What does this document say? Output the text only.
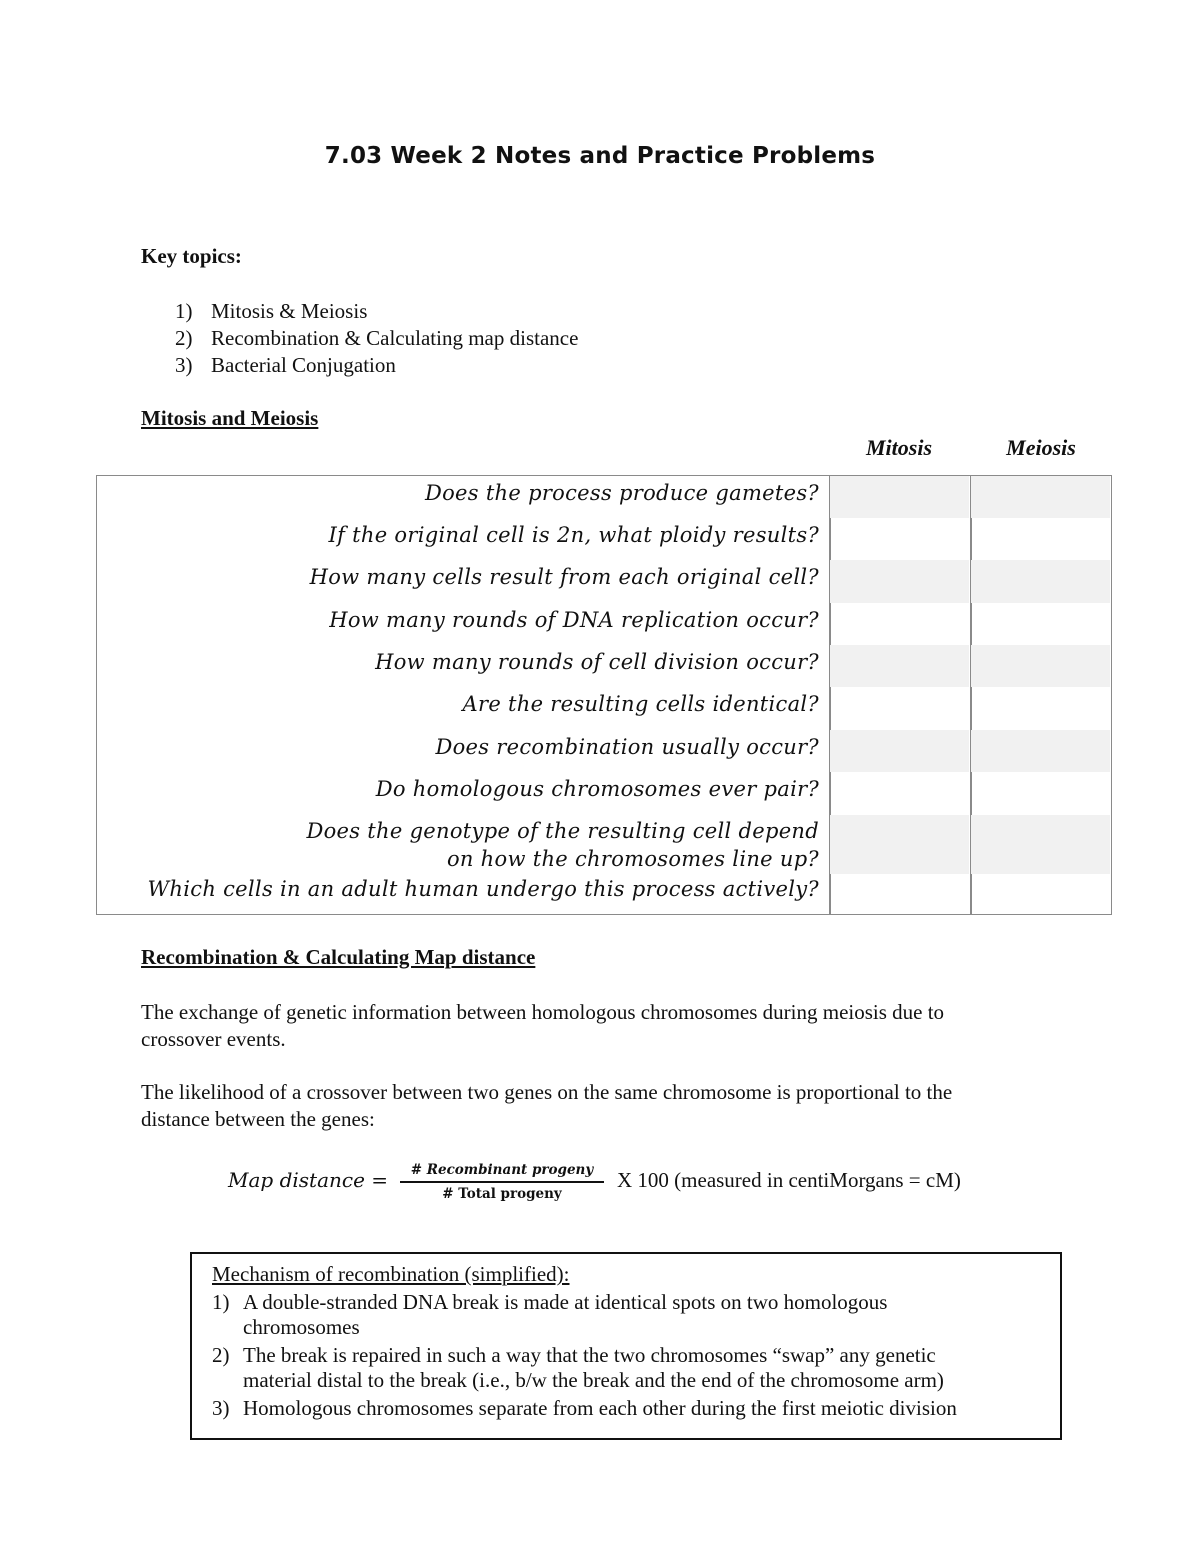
7.03 Week 2 Notes and Practice Problems
Key topics:
1) Mitosis & Meiosis
2) Recombination & Calculating map distance
3) Bacterial Conjugation
Mitosis and Meiosis
Mitosis	Meiosis
Does the process produce gametes?
If the original cell is 2n, what ploidy results?
How many cells result from each original cell?
How many rounds of DNA replication occur?
How many rounds of cell division occur?
Are the resulting cells identical?
Does recombination usually occur?
Do homologous chromosomes ever pair?
Does the genotype of the resulting cell depend
on how the chromosomes line up?
Which cells in an adult human undergo this process actively?
Recombination & Calculating Map distance
The exchange of genetic information between homologous chromosomes during meiosis due to
crossover events.
The likelihood of a crossover between two genes on the same chromosome is proportional to the
distance between the genes:
Map distance =	# Recombinant progeny
# Total progeny
X 100 (measured in centiMorgans = cM)
Mechanism of recombination (simplified):
1) A double-stranded DNA break is made at identical spots on two homologous
chromosomes
2) The break is repaired in such a way that the two chromosomes “swap” any genetic
material distal to the break (i.e., b/w the break and the end of the chromosome arm)
3) Homologous chromosomes separate from each other during the first meiotic division
